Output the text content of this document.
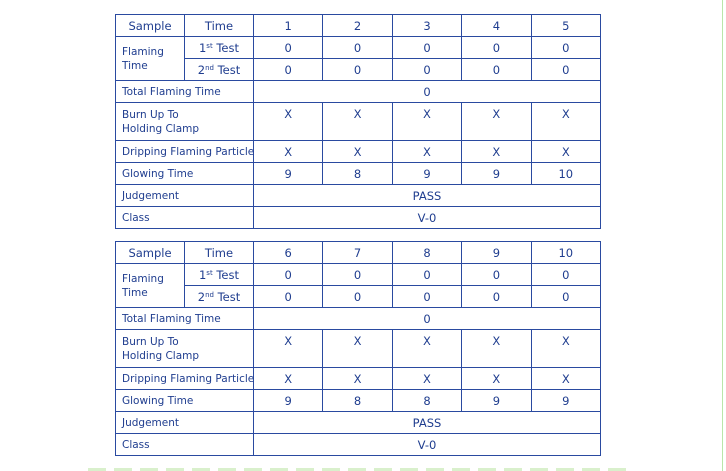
Sample	Time	1	2	3	4	5
Flaming
Time	1st Test	0	0	0	0	0
	2nd Test	0	0	0	0	0
Total Flaming Time		0				
Burn Up To
Holding Clamp		X	X	X	X	X
Dripping Flaming Particle		X	X	X	X	X
Glowing Time		9	8	9	9	10
Judgement		PASS				
Class		V-0				
Sample	Time	6	7	8	9	10
Flaming
Time	1st Test	0	0	0	0	0
	2nd Test	0	0	0	0	0
Total Flaming Time		0				
Burn Up To
Holding Clamp		X	X	X	X	X
Dripping Flaming Particle		X	X	X	X	X
Glowing Time		9	8	8	9	9
Judgement		PASS				
Class		V-0				
